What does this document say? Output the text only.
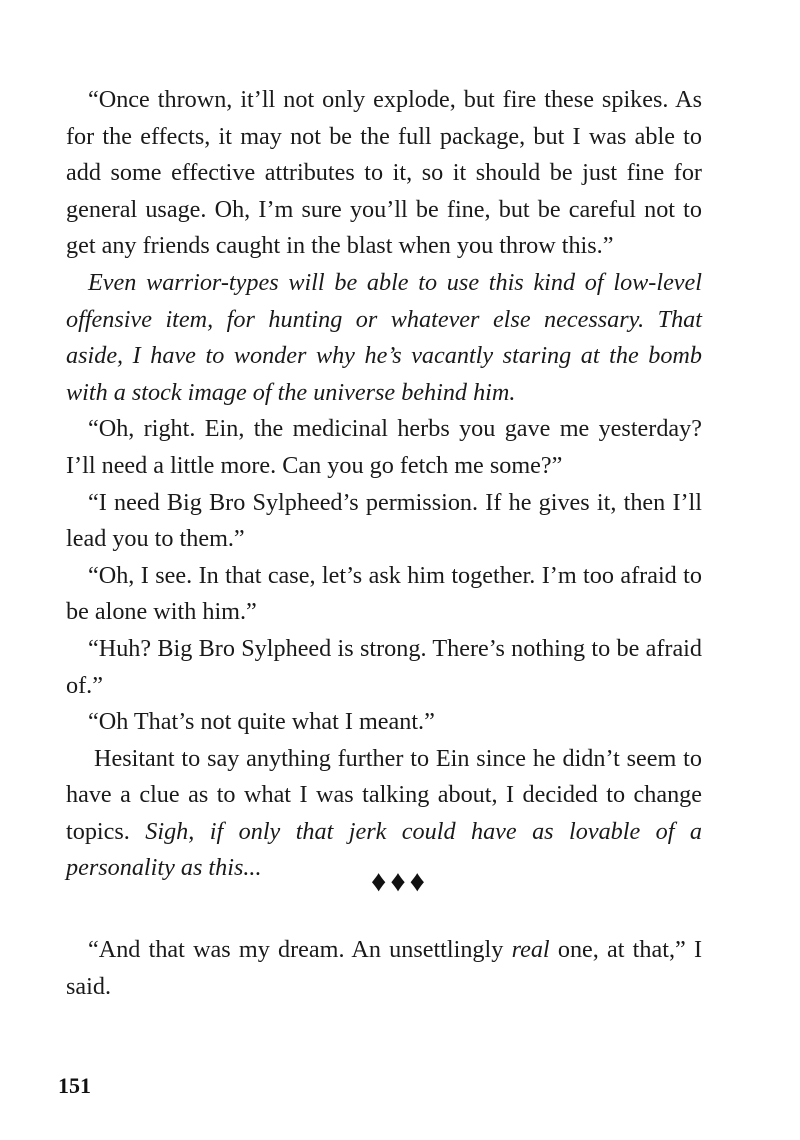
“Once thrown, it’ll not only explode, but fire these spikes. As for the effects, it may not be the full package, but I was able to add some effective attributes to it, so it should be just fine for general usage. Oh, I’m sure you’ll be fine, but be careful not to get any friends caught in the blast when you throw this.”

Even warrior-types will be able to use this kind of low-level offensive item, for hunting or whatever else necessary. That aside, I have to wonder why he’s vacantly staring at the bomb with a stock image of the universe behind him.

“Oh, right. Ein, the medicinal herbs you gave me yesterday? I’ll need a little more. Can you go fetch me some?”

“I need Big Bro Sylpheed’s permission. If he gives it, then I’ll lead you to them.”

“Oh, I see. In that case, let’s ask him together. I’m too afraid to be alone with him.”

“Huh? Big Bro Sylpheed is strong. There’s nothing to be afraid of.”

“Oh That’s not quite what I meant.”

Hesitant to say anything further to Ein since he didn’t seem to have a clue as to what I was talking about, I decided to change topics. Sigh, if only that jerk could have as lovable of a personality as this...	♦♦♦

“And that was my dream. An unsettlingly real one, at that,” I said.

151
